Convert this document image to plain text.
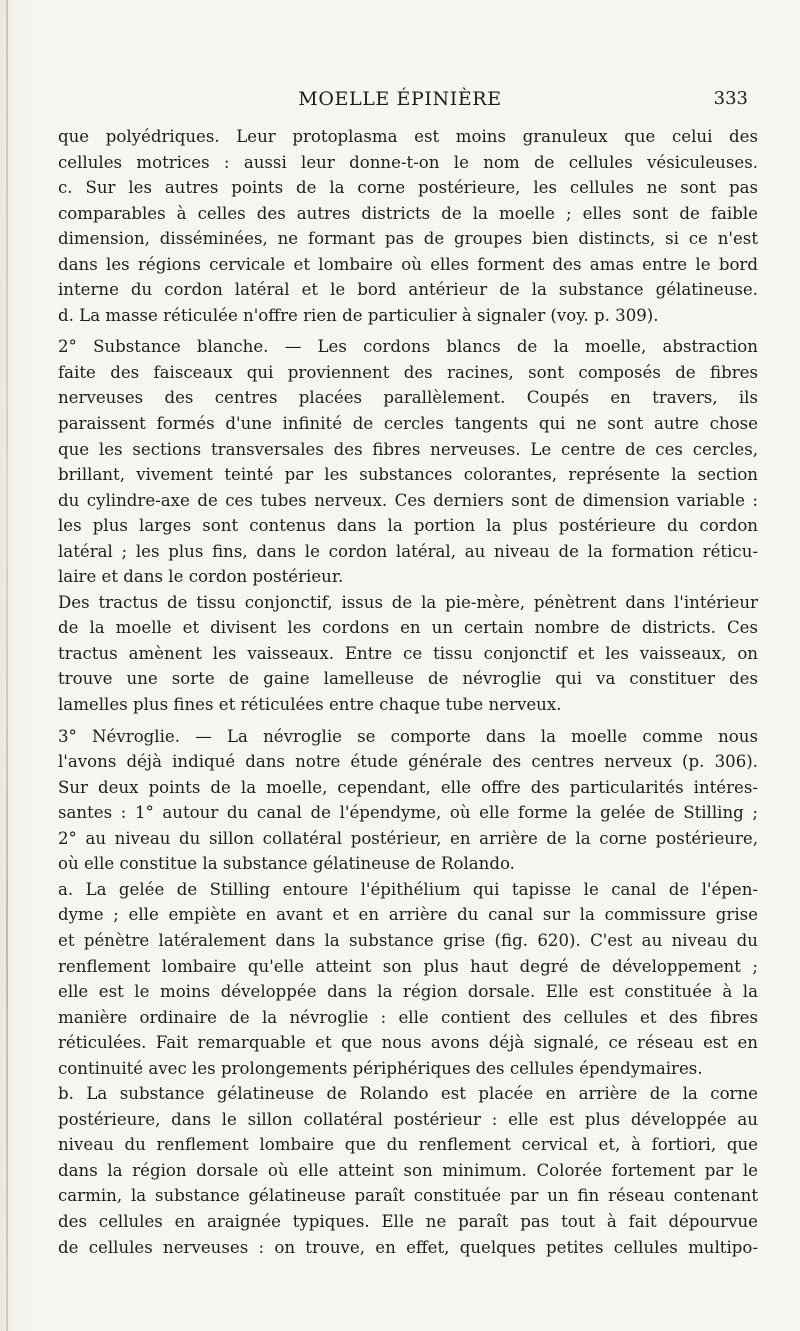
MOELLE ÉPINIÈRE	333
que polyédriques. Leur protoplasma est moins granuleux que celui des
cellules motrices : aussi leur donne-t-on le nom de cellules vésiculeuses.
c. Sur les autres points de la corne postérieure, les cellules ne sont pas
comparables à celles des autres districts de la moelle ; elles sont de faible
dimension, disséminées, ne formant pas de groupes bien distincts, si ce n'est
dans les régions cervicale et lombaire où elles forment des amas entre le bord
interne du cordon latéral et le bord antérieur de la substance gélatineuse.
d. La masse réticulée n'offre rien de particulier à signaler (voy. p. 309).
2° Substance blanche. — Les cordons blancs de la moelle, abstraction
faite des faisceaux qui proviennent des racines, sont composés de fibres
nerveuses des centres placées parallèlement. Coupés en travers, ils
paraissent formés d'une infinité de cercles tangents qui ne sont autre chose
que les sections transversales des fibres nerveuses. Le centre de ces cercles,
brillant, vivement teinté par les substances colorantes, représente la section
du cylindre-axe de ces tubes nerveux. Ces derniers sont de dimension variable :
les plus larges sont contenus dans la portion la plus postérieure du cordon
latéral ; les plus fins, dans le cordon latéral, au niveau de la formation réticu-
laire et dans le cordon postérieur.
Des tractus de tissu conjonctif, issus de la pie-mère, pénètrent dans l'intérieur
de la moelle et divisent les cordons en un certain nombre de districts. Ces
tractus amènent les vaisseaux. Entre ce tissu conjonctif et les vaisseaux, on
trouve une sorte de gaine lamelleuse de névroglie qui va constituer des
lamelles plus fines et réticulées entre chaque tube nerveux.
3° Névroglie. — La névroglie se comporte dans la moelle comme nous
l'avons déjà indiqué dans notre étude générale des centres nerveux (p. 306).
Sur deux points de la moelle, cependant, elle offre des particularités intéres-
santes : 1° autour du canal de l'épendyme, où elle forme la gelée de Stilling ;
2° au niveau du sillon collatéral postérieur, en arrière de la corne postérieure,
où elle constitue la substance gélatineuse de Rolando.
a. La gelée de Stilling entoure l'épithélium qui tapisse le canal de l'épen-
dyme ; elle empiète en avant et en arrière du canal sur la commissure grise
et pénètre latéralement dans la substance grise (fig. 620). C'est au niveau du
renflement lombaire qu'elle atteint son plus haut degré de développement ;
elle est le moins développée dans la région dorsale. Elle est constituée à la
manière ordinaire de la névroglie : elle contient des cellules et des fibres
réticulées. Fait remarquable et que nous avons déjà signalé, ce réseau est en
continuité avec les prolongements périphériques des cellules épendymaires.
b. La substance gélatineuse de Rolando est placée en arrière de la corne
postérieure, dans le sillon collatéral postérieur : elle est plus développée au
niveau du renflement lombaire que du renflement cervical et, à fortiori, que
dans la région dorsale où elle atteint son minimum. Colorée fortement par le
carmin, la substance gélatineuse paraît constituée par un fin réseau contenant
des cellules en araignée typiques. Elle ne paraît pas tout à fait dépourvue
de cellules nerveuses : on trouve, en effet, quelques petites cellules multipo-
